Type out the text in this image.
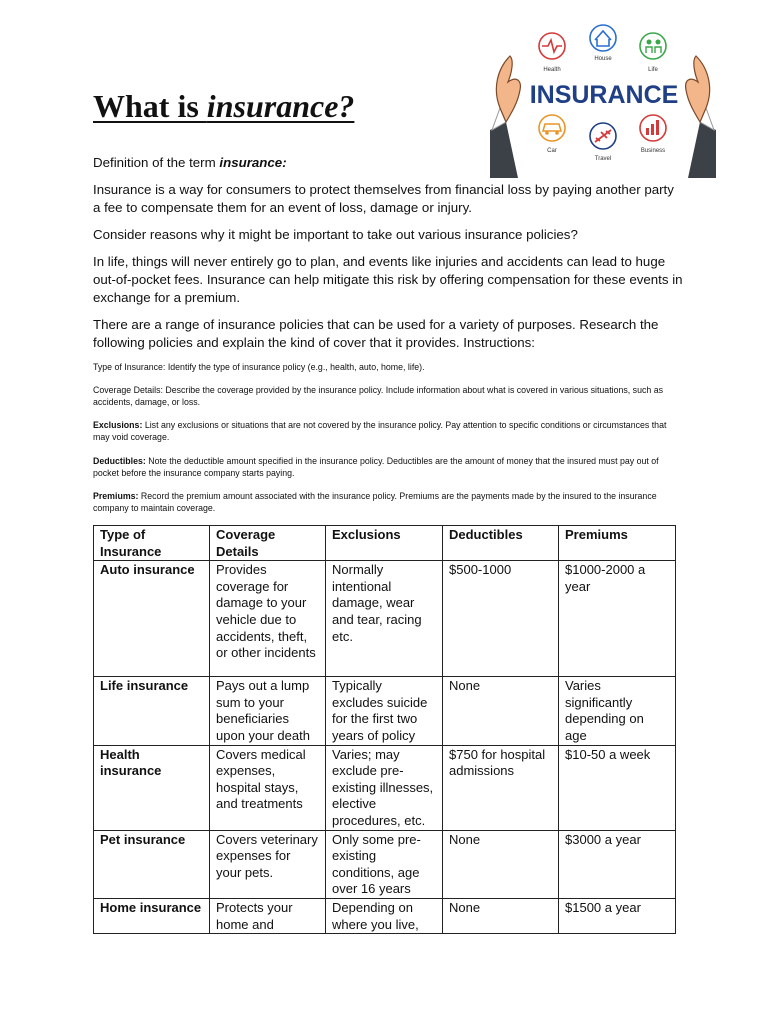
Health
House
Life
INSURANCE
Car
Travel
Business
What is insurance?

Definition of the term insurance:

Insurance is a way for consumers to protect themselves from financial loss by paying another party a fee to compensate them for an event of loss, damage or injury.

Consider reasons why it might be important to take out various insurance policies?

In life, things will never entirely go to plan, and events like injuries and accidents can lead to huge out-of-pocket fees. Insurance can help mitigate this risk by offering compensation for these events in exchange for a premium.

There are a range of insurance policies that can be used for a variety of purposes. Research the following policies and explain the kind of cover that it provides. Instructions:

Type of Insurance: Identify the type of insurance policy (e.g., health, auto, home, life).

Coverage Details: Describe the coverage provided by the insurance policy. Include information about what is covered in various situations, such as accidents, damage, or loss.

Exclusions: List any exclusions or situations that are not covered by the insurance policy. Pay attention to specific conditions or circumstances that may void coverage.

Deductibles: Note the deductible amount specified in the insurance policy. Deductibles are the amount of money that the insured must pay out of pocket before the insurance company starts paying.

Premiums: Record the premium amount associated with the insurance policy. Premiums are the payments made by the insured to the insurance company to maintain coverage.

Type of Insurance	Coverage Details	Exclusions	Deductibles	Premiums
Auto insurance	Provides coverage for damage to your vehicle due to accidents, theft, or other incidents	Normally intentional damage, wear and tear, racing etc.	$500-1000	$1000-2000 a year
Life insurance	Pays out a lump sum to your beneficiaries upon your death	Typically excludes suicide for the first two years of policy	None	Varies significantly depending on age
Health insurance	Covers medical expenses, hospital stays, and treatments	Varies; may exclude pre-existing illnesses, elective procedures, etc.	$750 for hospital admissions	$10-50 a week
Pet insurance	Covers veterinary expenses for your pets.	Only some pre-existing conditions, age over 16 years	None	$3000 a year
Home insurance	Protects your home and	Depending on where you live,	None	$1500 a year
